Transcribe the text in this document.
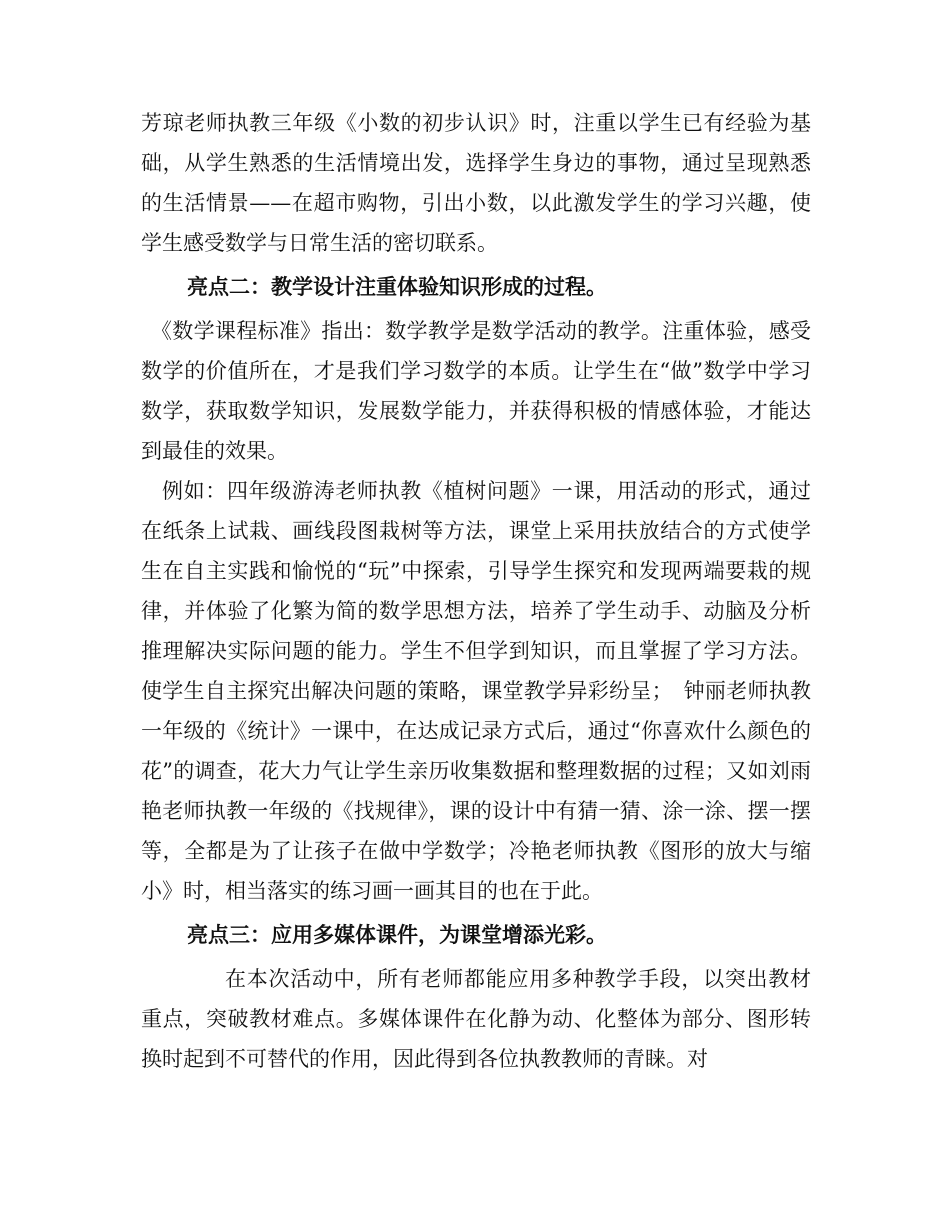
芳琼老师执教三年级《小数的初步认识》时，注重以学生已有经验为基础，从学生熟悉的生活情境出发，选择学生身边的事物，通过呈现熟悉的生活情景——在超市购物，引出小数，以此激发学生的学习兴趣，使学生感受数学与日常生活的密切联系。

亮点二：教学设计注重体验知识形成的过程。

《数学课程标准》指出：数学教学是数学活动的教学。注重体验，感受数学的价值所在，才是我们学习数学的本质。让学生在“做”数学中学习数学，获取数学知识，发展数学能力，并获得积极的情感体验，才能达到最佳的效果。

例如：四年级游涛老师执教《植树问题》一课，用活动的形式，通过在纸条上试栽、画线段图栽树等方法，课堂上采用扶放结合的方式使学生在自主实践和愉悦的“玩”中探索，引导学生探究和发现两端要栽的规律，并体验了化繁为简的数学思想方法，培养了学生动手、动脑及分析推理解决实际问题的能力。学生不但学到知识，而且掌握了学习方法。使学生自主探究出解决问题的策略，课堂教学异彩纷呈；　钟丽老师执教一年级的《统计》一课中，在达成记录方式后，通过“你喜欢什么颜色的花”的调查，花大力气让学生亲历收集数据和整理数据的过程；又如刘雨艳老师执教一年级的《找规律》，课的设计中有猜一猜、涂一涂、摆一摆等，全都是为了让孩子在做中学数学；冷艳老师执教《图形的放大与缩小》时，相当落实的练习画一画其目的也在于此。

亮点三：应用多媒体课件，为课堂增添光彩。

在本次活动中，所有老师都能应用多种教学手段，以突出教材重点，突破教材难点。多媒体课件在化静为动、化整体为部分、图形转换时起到不可替代的作用，因此得到各位执教教师的青睐。对
